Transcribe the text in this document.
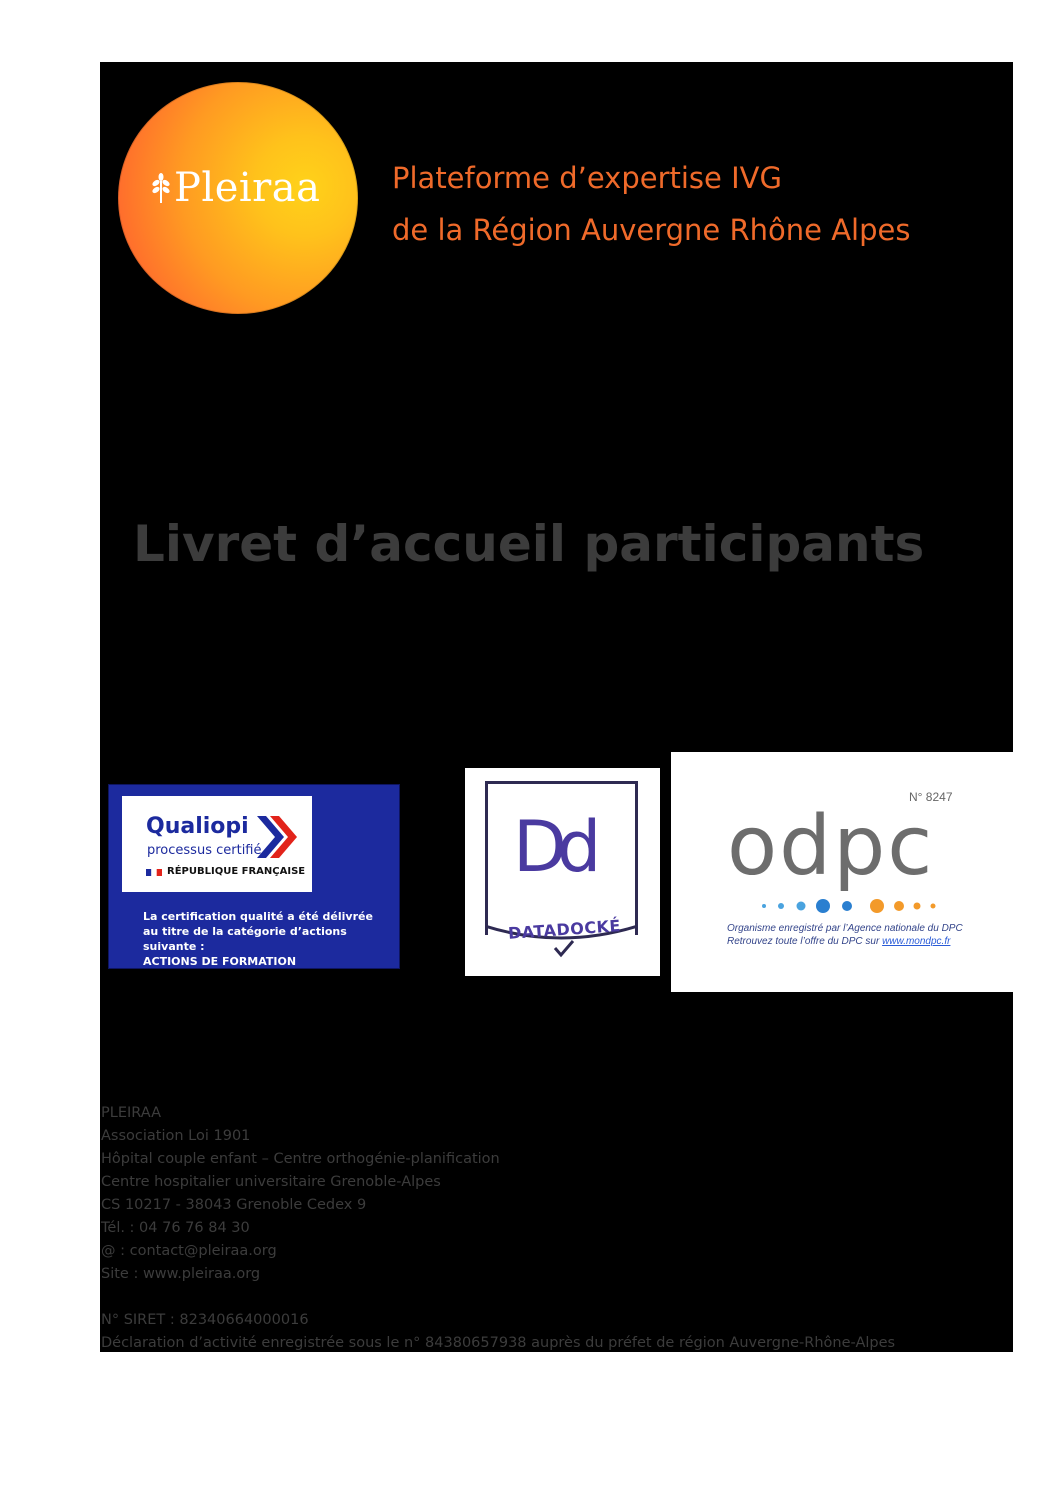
Pleiraa Plateforme d’expertise IVG
de la Région Auvergne Rhône Alpes
Livret d’accueil participants
Qualiopi
processus certifié
RÉPUBLIQUE FRANÇAISE
La certification qualité a été délivrée
au titre de la catégorie d’actions suivante :
ACTIONS DE FORMATION
Dd
DATADOCKÉ
N° 8247
odpc
Organisme enregistré par l’Agence nationale du DPC
Retrouvez toute l’offre du DPC sur www.mondpc.fr
PLEIRAA
Association Loi 1901
Hôpital couple enfant – Centre orthogénie-planification
Centre hospitalier universitaire Grenoble-Alpes
CS 10217 - 38043 Grenoble Cedex 9
Tél. : 04 76 76 84 30
@ : contact@pleiraa.org
Site : www.pleiraa.org
N° SIRET : 82340664000016
Déclaration d’activité enregistrée sous le n° 84380657938 auprès du préfet de région Auvergne-Rhône-Alpes
